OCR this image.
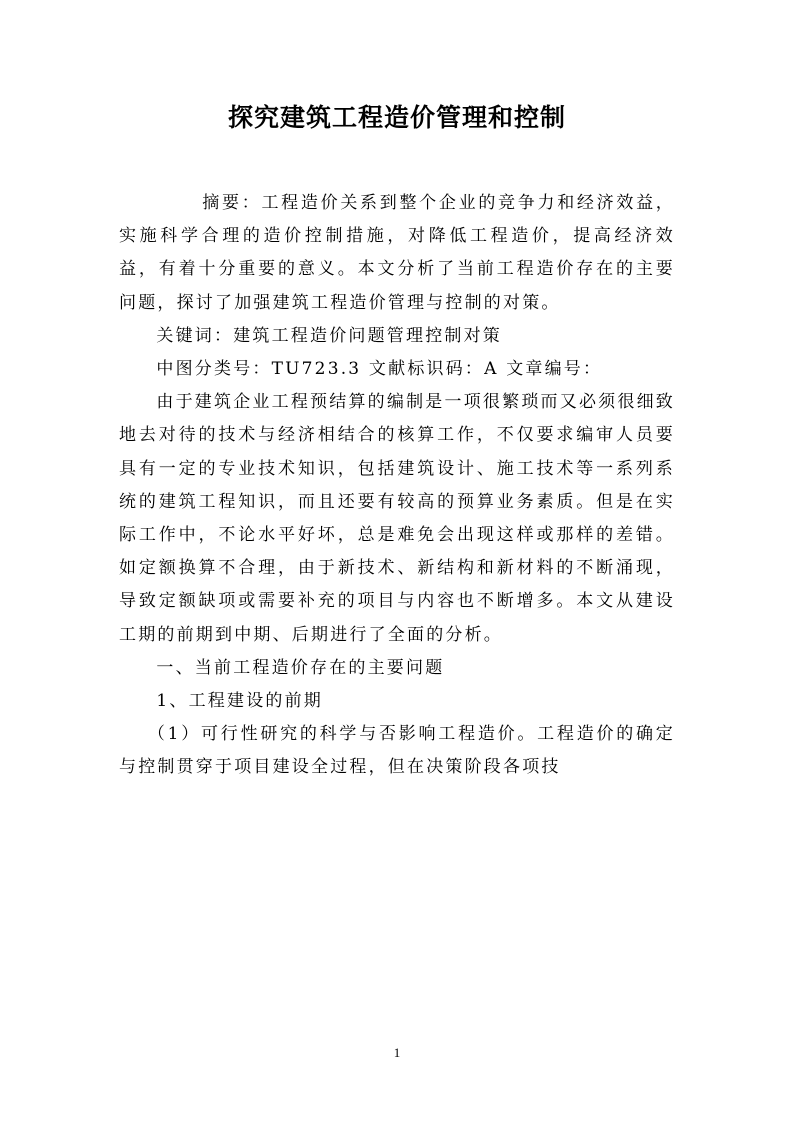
探究建筑工程造价管理和控制

摘要：工程造价关系到整个企业的竞争力和经济效益，实施科学合理的造价控制措施，对降低工程造价，提高经济效益，有着十分重要的意义。本文分析了当前工程造价存在的主要问题，探讨了加强建筑工程造价管理与控制的对策。

关键词：建筑工程造价问题管理控制对策

中图分类号：TU723.3 文献标识码：A 文章编号：

由于建筑企业工程预结算的编制是一项很繁琐而又必须很细致地去对待的技术与经济相结合的核算工作，不仅要求编审人员要具有一定的专业技术知识，包括建筑设计、施工技术等一系列系统的建筑工程知识，而且还要有较高的预算业务素质。但是在实际工作中，不论水平好坏，总是难免会出现这样或那样的差错。如定额换算不合理，由于新技术、新结构和新材料的不断涌现，导致定额缺项或需要补充的项目与内容也不断增多。本文从建设工期的前期到中期、后期进行了全面的分析。

一、当前工程造价存在的主要问题

1、工程建设的前期

（1）可行性研究的科学与否影响工程造价。工程造价的确定与控制贯穿于项目建设全过程，但在决策阶段各项技

1
